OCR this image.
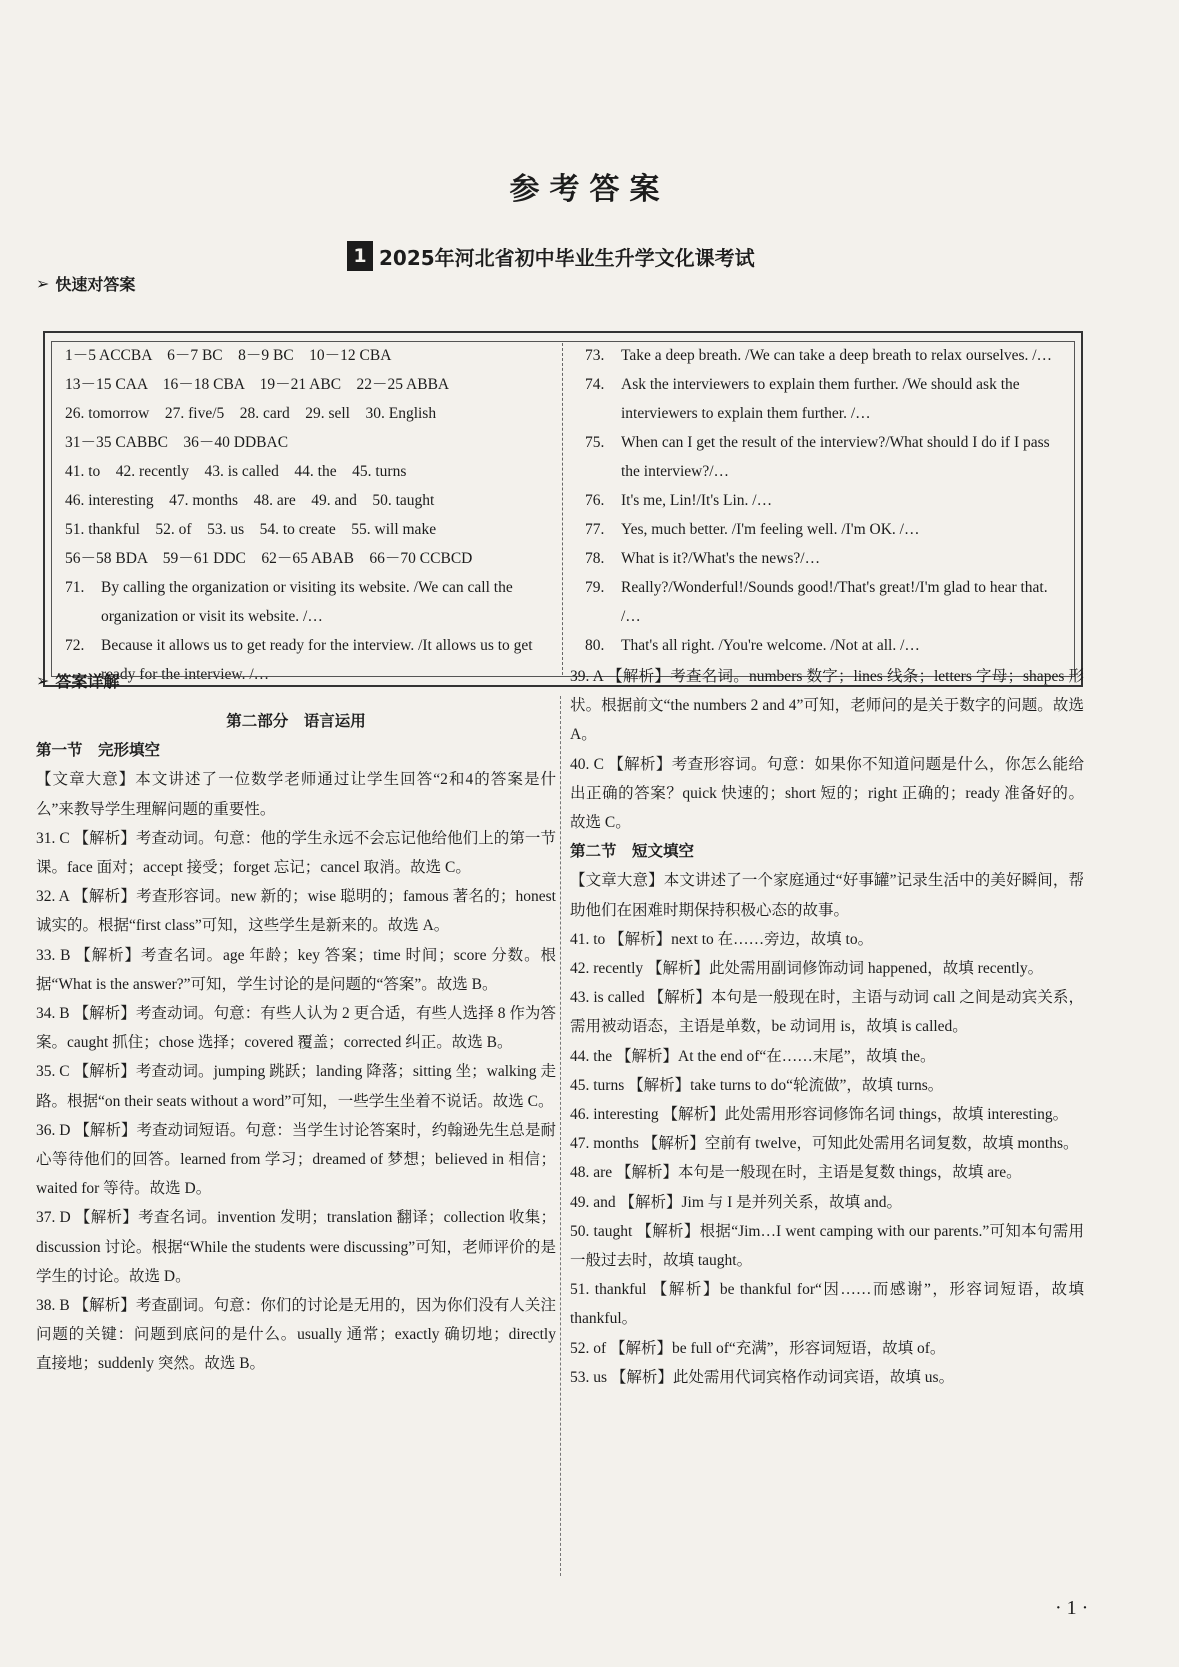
参考答案
1 2025年河北省初中毕业生升学文化课考试
➢ 快速对答案
1－5 ACCBA　6－7 BC　8－9 BC　10－12 CBA
13－15 CAA　16－18 CBA　19－21 ABC　22－25 ABBA
26. tomorrow　27. five/5　28. card　29. sell　30. English
31－35 CABBC　36－40 DDBAC
41. to　42. recently　43. is called　44. the　45. turns
46. interesting　47. months　48. are　49. and　50. taught
51. thankful　52. of　53. us　54. to create　55. will make
56－58 BDA　59－61 DDC　62－65 ABAB　66－70 CCBCD
71.	By calling the organization or visiting its website. /We can call the organization or visit its website. /…
72.	Because it allows us to get ready for the interview. /It allows us to get ready for the interview. /…
73.	Take a deep breath. /We can take a deep breath to relax ourselves. /…
74.	Ask the interviewers to explain them further. /We should ask the interviewers to explain them further. /…
75.	When can I get the result of the interview?/What should I do if I pass the interview?/…
76.	It's me, Lin!/It's Lin. /…
77.	Yes, much better. /I'm feeling well. /I'm OK. /…
78.	What is it?/What's the news?/…
79.	Really?/Wonderful!/Sounds good!/That's great!/I'm glad to hear that. /…
80.	That's all right. /You're welcome. /Not at all. /…
➢ 答案详解
第二部分　语言运用
第一节　完形填空
【文章大意】本文讲述了一位数学老师通过让学生回答“2和4的答案是什么”来教导学生理解问题的重要性。
31. C 【解析】考查动词。句意：他的学生永远不会忘记他给他们上的第一节课。face 面对；accept 接受；forget 忘记；cancel 取消。故选 C。
32. A 【解析】考查形容词。new 新的；wise 聪明的；famous 著名的；honest 诚实的。根据“first class”可知，这些学生是新来的。故选 A。
33. B 【解析】考查名词。age 年龄；key 答案；time 时间；score 分数。根据“What is the answer?”可知，学生讨论的是问题的“答案”。故选 B。
34. B 【解析】考查动词。句意：有些人认为 2 更合适，有些人选择 8 作为答案。caught 抓住；chose 选择；covered 覆盖；corrected 纠正。故选 B。
35. C 【解析】考查动词。jumping 跳跃；landing 降落；sitting 坐；walking 走路。根据“on their seats without a word”可知，一些学生坐着不说话。故选 C。
36. D 【解析】考查动词短语。句意：当学生讨论答案时，约翰逊先生总是耐心等待他们的回答。learned from 学习；dreamed of 梦想；believed in 相信；waited for 等待。故选 D。
37. D 【解析】考查名词。invention 发明；translation 翻译；collection 收集；discussion 讨论。根据“While the students were discussing”可知，老师评价的是学生的讨论。故选 D。
38. B 【解析】考查副词。句意：你们的讨论是无用的，因为你们没有人关注问题的关键：问题到底问的是什么。usually 通常；exactly 确切地；directly 直接地；suddenly 突然。故选 B。
39. A 【解析】考查名词。numbers 数字；lines 线条；letters 字母；shapes 形状。根据前文“the numbers 2 and 4”可知，老师问的是关于数字的问题。故选 A。
40. C 【解析】考查形容词。句意：如果你不知道问题是什么，你怎么能给出正确的答案？quick 快速的；short 短的；right 正确的；ready 准备好的。故选 C。
第二节　短文填空
【文章大意】本文讲述了一个家庭通过“好事罐”记录生活中的美好瞬间，帮助他们在困难时期保持积极心态的故事。
41. to 【解析】next to 在……旁边，故填 to。
42. recently 【解析】此处需用副词修饰动词 happened，故填 recently。
43. is called 【解析】本句是一般现在时，主语与动词 call 之间是动宾关系，需用被动语态，主语是单数，be 动词用 is，故填 is called。
44. the 【解析】At the end of“在……末尾”，故填 the。
45. turns 【解析】take turns to do“轮流做”，故填 turns。
46. interesting 【解析】此处需用形容词修饰名词 things，故填 interesting。
47. months 【解析】空前有 twelve，可知此处需用名词复数，故填 months。
48. are 【解析】本句是一般现在时，主语是复数 things，故填 are。
49. and 【解析】Jim 与 I 是并列关系，故填 and。
50. taught 【解析】根据“Jim…I went camping with our parents.”可知本句需用一般过去时，故填 taught。
51. thankful 【解析】be thankful for“因……而感谢”，形容词短语，故填 thankful。
52. of 【解析】be full of“充满”，形容词短语，故填 of。
53. us 【解析】此处需用代词宾格作动词宾语，故填 us。
· 1 ·
